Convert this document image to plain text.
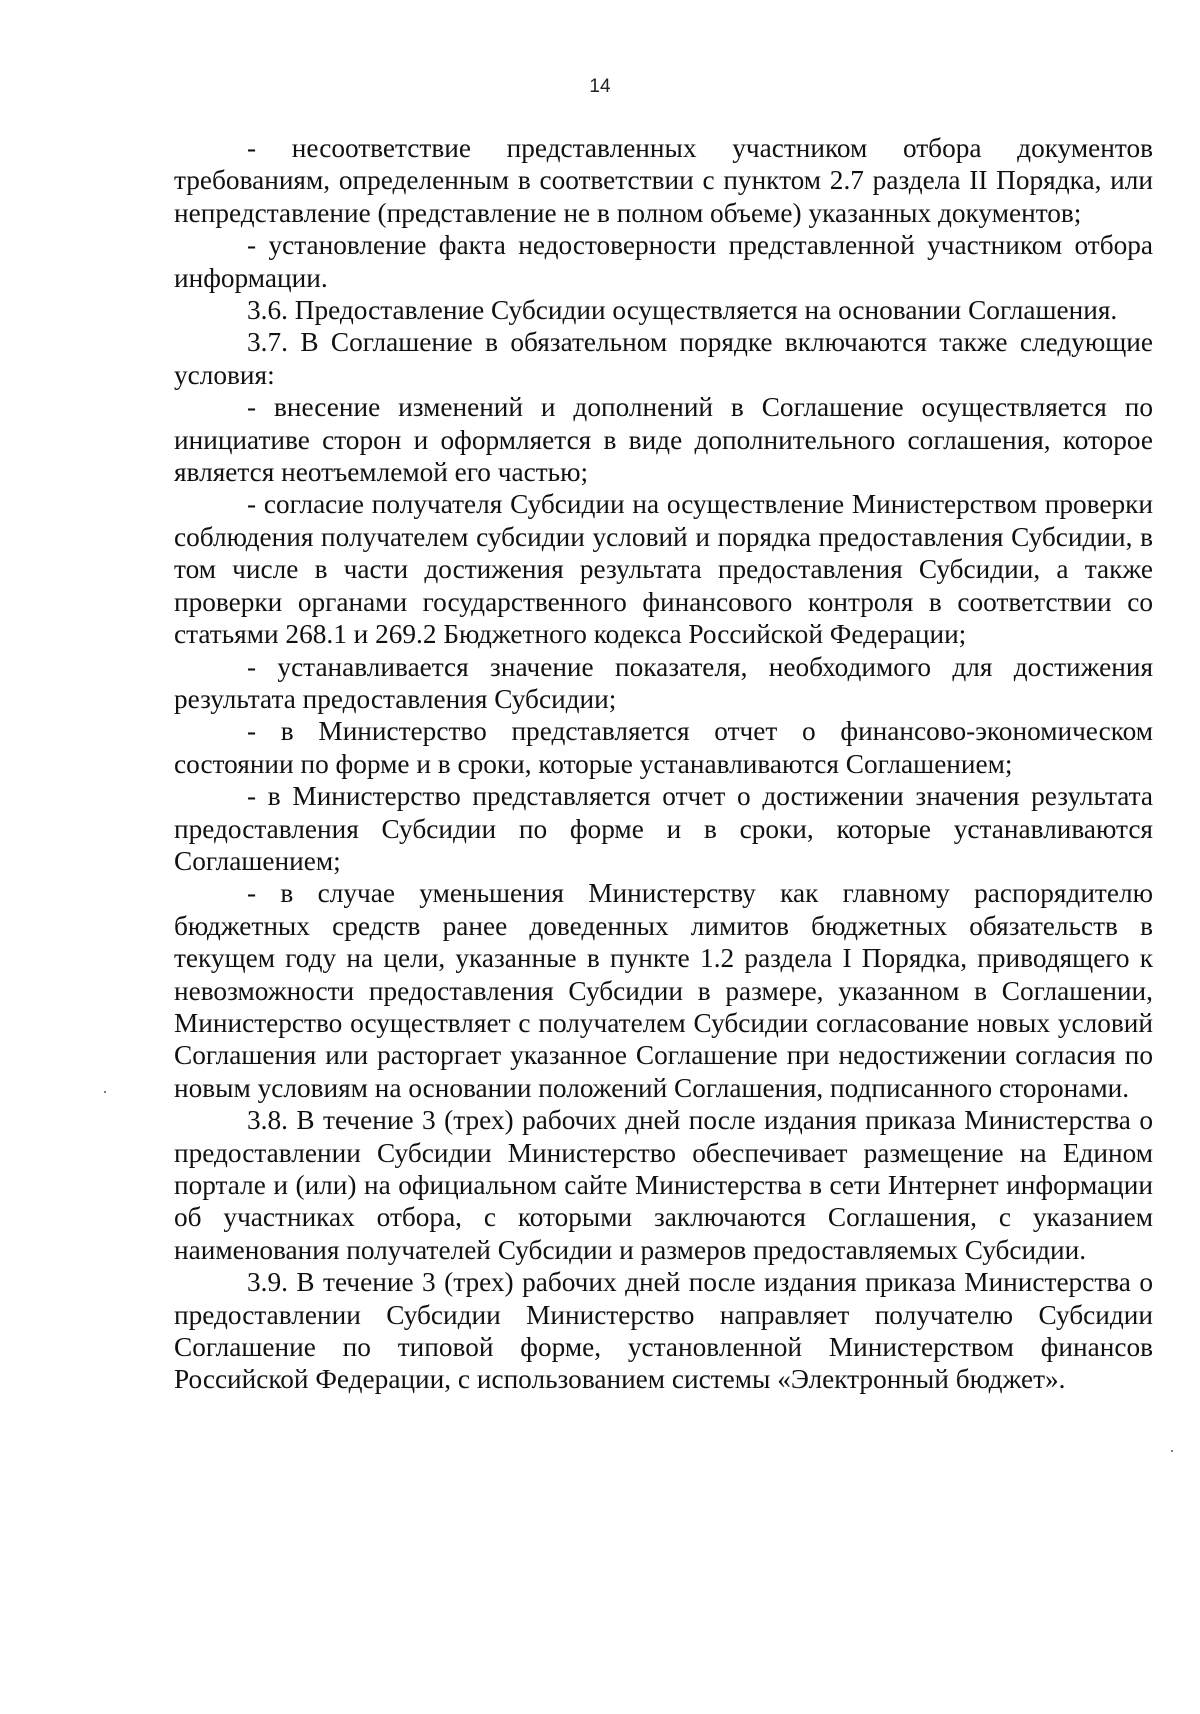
14

- несоответствие представленных участником отбора документов требованиям, определенным в соответствии с пунктом 2.7 раздела II Порядка, или непредставление (представление не в полном объеме) указанных документов;

- установление факта недостоверности представленной участником отбора информации.

3.6. Предоставление Субсидии осуществляется на основании Соглашения.

3.7. В Соглашение в обязательном порядке включаются также следующие условия:

- внесение изменений и дополнений в Соглашение осуществляется по инициативе сторон и оформляется в виде дополнительного соглашения, которое является неотъемлемой его частью;

- согласие получателя Субсидии на осуществление Министерством проверки соблюдения получателем субсидии условий и порядка предоставления Субсидии, в том числе в части достижения результата предоставления Субсидии, а также проверки органами государственного финансового контроля в соответствии со статьями 268.1 и 269.2 Бюджетного кодекса Российской Федерации;

- устанавливается значение показателя, необходимого для достижения результата предоставления Субсидии;

- в Министерство представляется отчет о финансово-экономическом состоянии по форме и в сроки, которые устанавливаются Соглашением;

- в Министерство представляется отчет о достижении значения результата предоставления Субсидии по форме и в сроки, которые устанавливаются Соглашением;

- в случае уменьшения Министерству как главному распорядителю бюджетных средств ранее доведенных лимитов бюджетных обязательств в текущем году на цели, указанные в пункте 1.2 раздела I Порядка, приводящего к невозможности предоставления Субсидии в размере, указанном в Соглашении, Министерство осуществляет с получателем Субсидии согласование новых условий Соглашения или расторгает указанное Соглашение при недостижении согласия по новым условиям на основании положений Соглашения, подписанного сторонами.

3.8. В течение 3 (трех) рабочих дней после издания приказа Министерства о предоставлении Субсидии Министерство обеспечивает размещение на Едином портале и (или) на официальном сайте Министерства в сети Интернет информации об участниках отбора, с которыми заключаются Соглашения, с указанием наименования получателей Субсидии и размеров предоставляемых Субсидии.

3.9. В течение 3 (трех) рабочих дней после издания приказа Министерства о предоставлении Субсидии Министерство направляет получателю Субсидии Соглашение по типовой форме, установленной Министерством финансов Российской Федерации, с использованием системы «Электронный бюджет».
